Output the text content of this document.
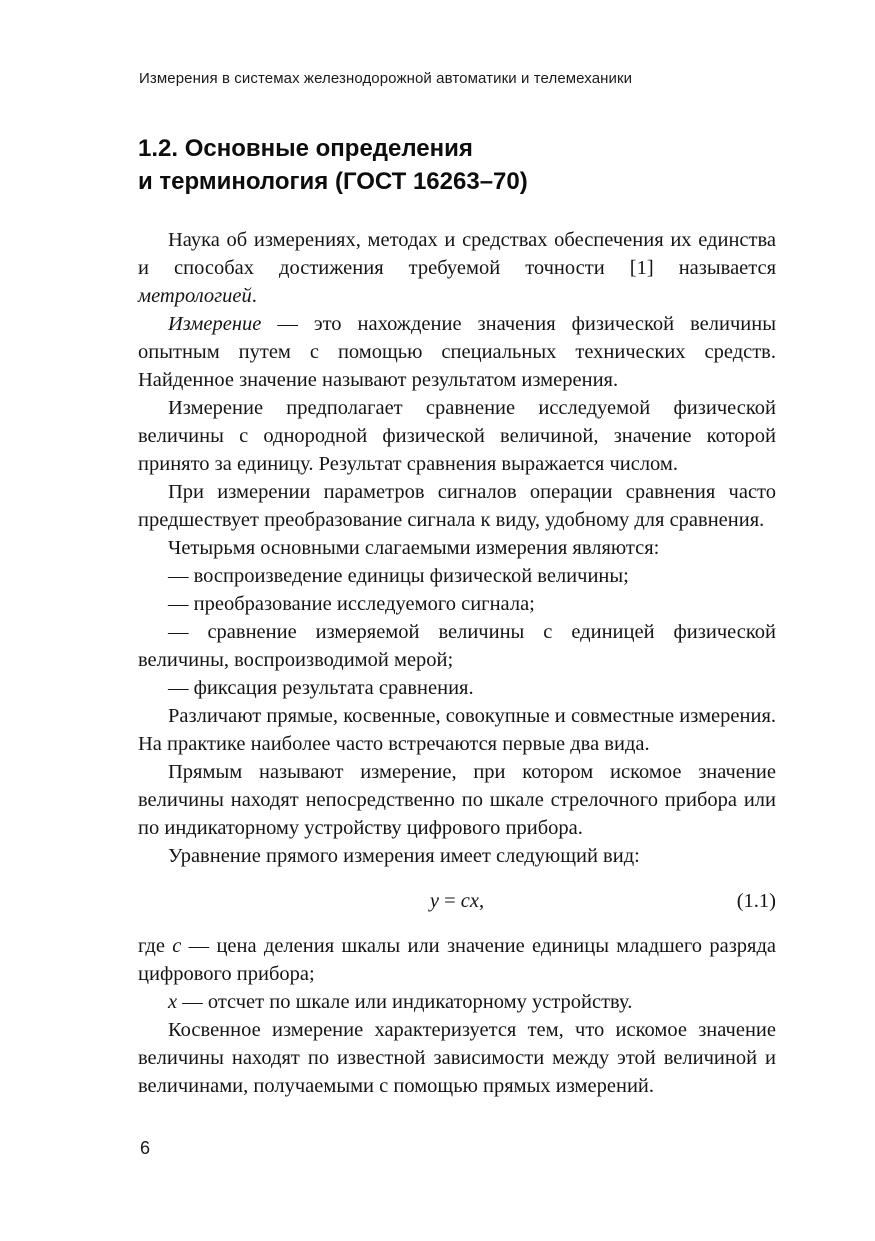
Измерения в системах железнодорожной автоматики и телемеханики
1.2. Основные определения
и терминология (ГОСТ 16263–70)

Наука об измерениях, методах и средствах обеспечения их единства и способах достижения требуемой точности [1] называется метрологией.

Измерение — это нахождение значения физической величины опытным путем с помощью специальных технических средств. Найденное значение называют результатом измерения.

Измерение предполагает сравнение исследуемой физической величины с однородной физической величиной, значение которой принято за единицу. Результат сравнения выражается числом.

При измерении параметров сигналов операции сравнения часто предшествует преобразование сигнала к виду, удобному для сравнения.

Четырьмя основными слагаемыми измерения являются:

— воспроизведение единицы физической величины;

— преобразование исследуемого сигнала;

— сравнение измеряемой величины с единицей физической величины, воспроизводимой мерой;

— фиксация результата сравнения.

Различают прямые, косвенные, совокупные и совместные измерения. На практике наиболее часто встречаются первые два вида.

Прямым называют измерение, при котором искомое значение величины находят непосредственно по шкале стрелочного прибора или по индикаторному устройству цифрового прибора.

Уравнение прямого измерения имеет следующий вид:

y = cx,	(1.1)

где c — цена деления шкалы или значение единицы младшего разряда цифрового прибора;

x — отсчет по шкале или индикаторному устройству.

Косвенное измерение характеризуется тем, что искомое значение величины находят по известной зависимости между этой величиной и величинами, получаемыми с помощью прямых измерений.

6
